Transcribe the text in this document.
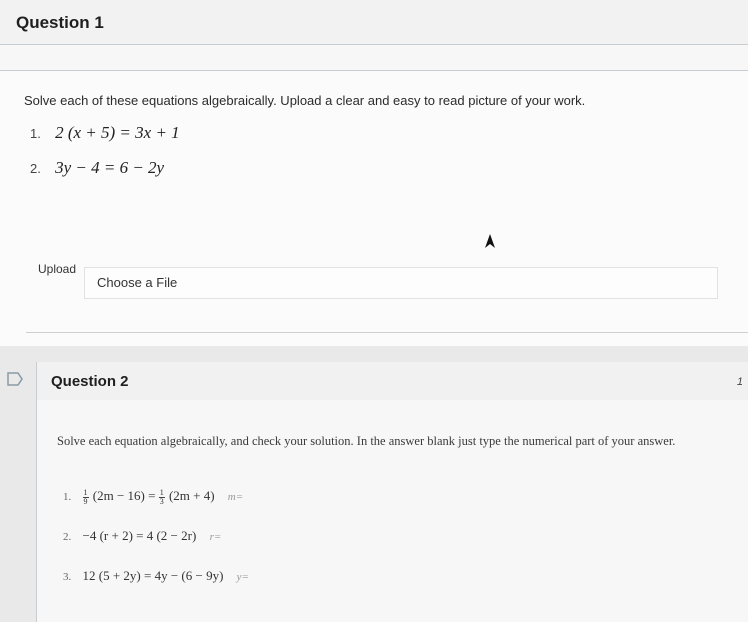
Question 1
Solve each of these equations algebraically. Upload a clear and easy to read picture of your work.
1. 2 (x + 5) = 3x + 1
2. 3y − 4 = 6 − 2y
Upload
Choose a File
Question 2	1
Solve each equation algebraically, and check your solution. In the answer blank just type the numerical part of your answer.
1. $\frac{1}{9} (2m - 16) = \frac{1}{3} (2m + 4)$ m=
2. −4 (r + 2) = 4 (2 − 2r) r=
3. 12 (5 + 2y) = 4y − (6 − 9y) y=
